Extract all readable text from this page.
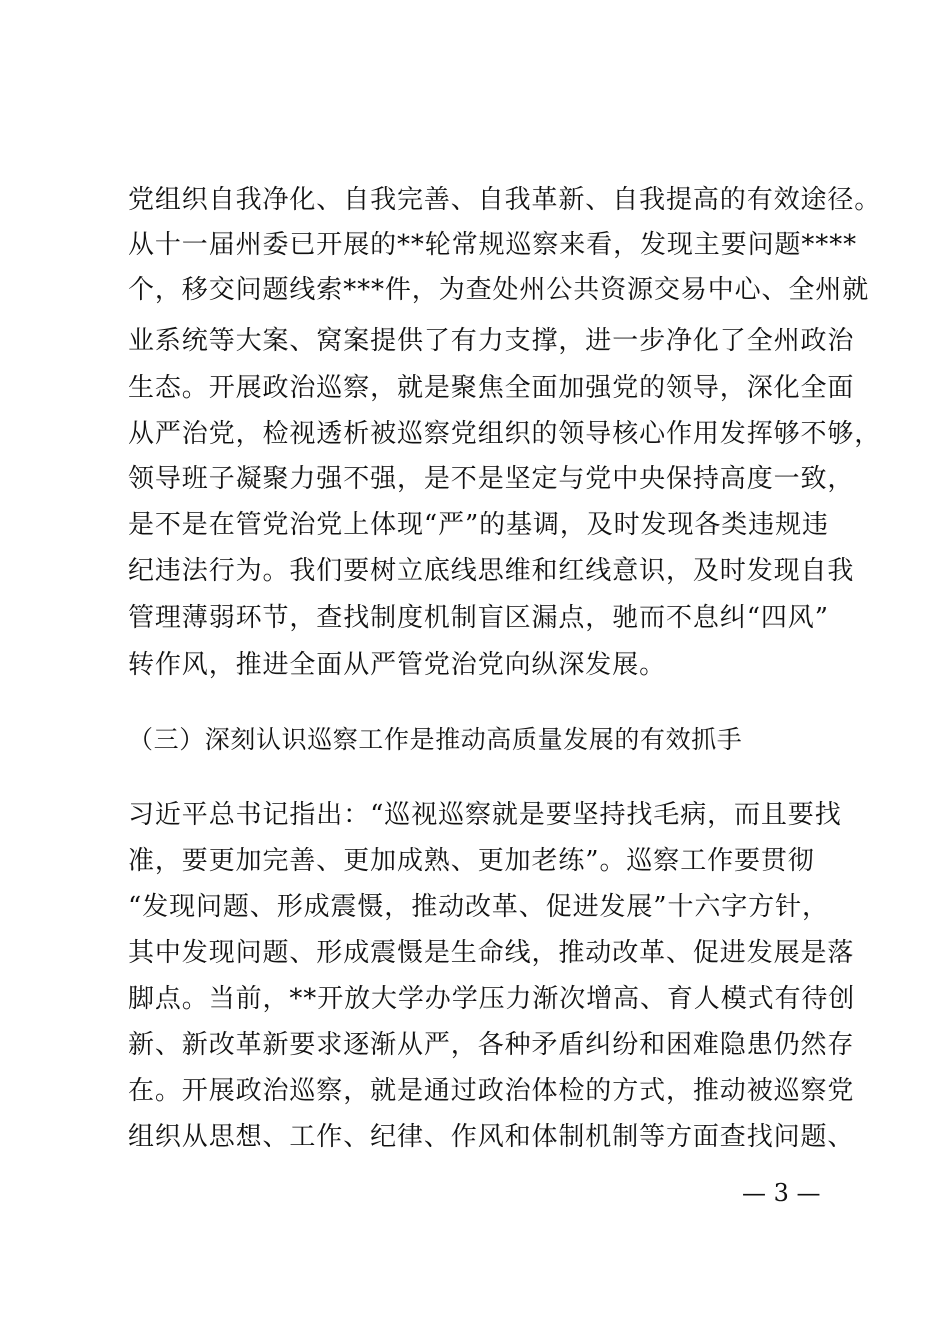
党组织自我净化、自我完善、自我革新、自我提高的有效途径。
从十一届州委已开展的**轮常规巡察来看，发现主要问题****
个，移交问题线索***件，为查处州公共资源交易中心、全州就
业系统等大案、窝案提供了有力支撑，进一步净化了全州政治
生态。开展政治巡察，就是聚焦全面加强党的领导，深化全面
从严治党，检视透析被巡察党组织的领导核心作用发挥够不够，
领导班子凝聚力强不强，是不是坚定与党中央保持高度一致，
是不是在管党治党上体现“严”的基调，及时发现各类违规违
纪违法行为。我们要树立底线思维和红线意识，及时发现自我
管理薄弱环节，查找制度机制盲区漏点，驰而不息纠“四风”
转作风，推进全面从严管党治党向纵深发展。
（三）深刻认识巡察工作是推动高质量发展的有效抓手
习近平总书记指出：“巡视巡察就是要坚持找毛病，而且要找
准，要更加完善、更加成熟、更加老练”。巡察工作要贯彻
“发现问题、形成震慑，推动改革、促进发展”十六字方针，
其中发现问题、形成震慑是生命线，推动改革、促进发展是落
脚点。当前，**开放大学办学压力渐次增高、育人模式有待创
新、新改革新要求逐渐从严，各种矛盾纠纷和困难隐患仍然存
在。开展政治巡察，就是通过政治体检的方式，推动被巡察党
组织从思想、工作、纪律、作风和体制机制等方面查找问题、
— 3 —
